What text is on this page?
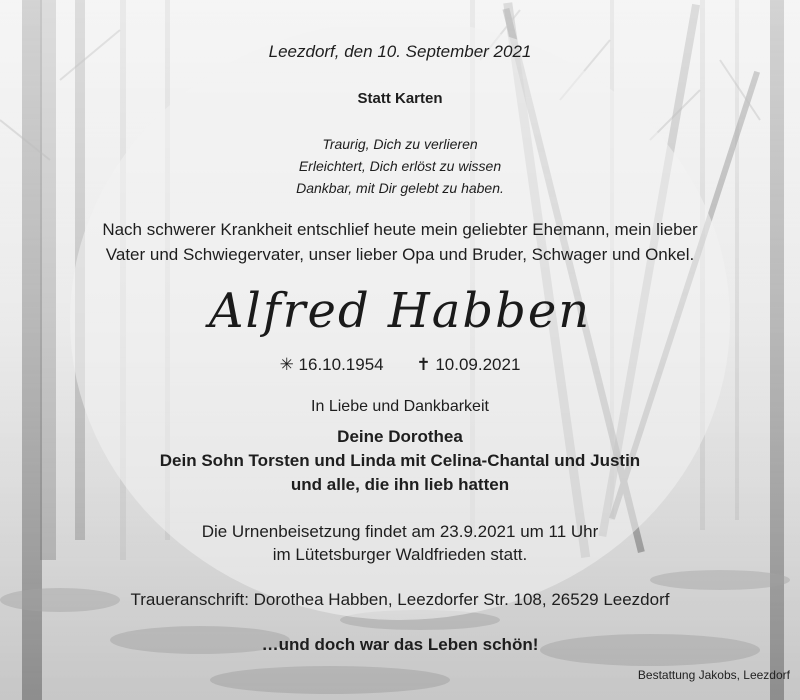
Leezdorf, den 10. September 2021
Statt Karten
Traurig, Dich zu verlieren
Erleichtert, Dich erlöst zu wissen
Dankbar, mit Dir gelebt zu haben.
Nach schwerer Krankheit entschlief heute mein geliebter Ehemann, mein lieber
Vater und Schwiegervater, unser lieber Opa und Bruder, Schwager und Onkel.
Alfred Habben
✳ 16.10.1954 ✝ 10.09.2021
In Liebe und Dankbarkeit
Deine Dorothea
Dein Sohn Torsten und Linda mit Celina-Chantal und Justin
und alle, die ihn lieb hatten
Die Urnenbeisetzung findet am 23.9.2021 um 11 Uhr
im Lütetsburger Waldfrieden statt.
Traueranschrift: Dorothea Habben, Leezdorfer Str. 108, 26529 Leezdorf
…und doch war das Leben schön!
Bestattung Jakobs, Leezdorf
